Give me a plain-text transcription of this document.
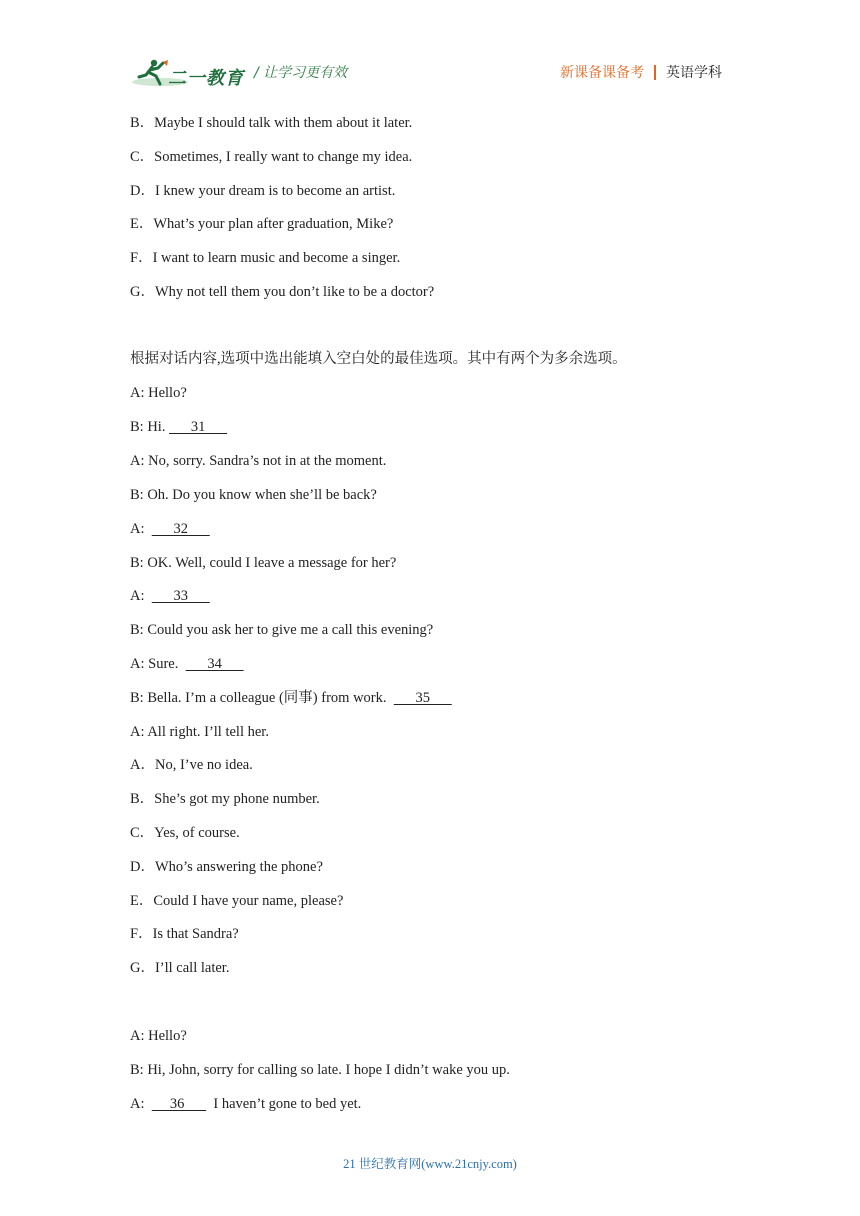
二一教育 / 让学习更有效	新课备课备考 英语学科
B．Maybe I should talk with them about it later.
C．Sometimes, I really want to change my idea.
D．I knew your dream is to become an artist.
E．What’s your plan after graduation, Mike?
F．I want to learn music and become a singer.
G．Why not tell them you don’t like to be a doctor?
根据对话内容,选项中选出能填入空白处的最佳选项。其中有两个为多余选项。
A: Hello?
B: Hi.       31
A: No, sorry. Sandra’s not in at the moment.
B: Oh. Do you know when she’ll be back?
A:        32
B: OK. Well, could I leave a message for her?
A:        33
B: Could you ask her to give me a call this evening?
A: Sure.        34
B: Bella. I’m a colleague (同事) from work.        35
A: All right. I’ll tell her.
A．No, I’ve no idea.
B．She’s got my phone number.
C．Yes, of course.
D．Who’s answering the phone?
E．Could I have your name, please?
F．Is that Sandra?
G．I’ll call later.
A: Hello?
B: Hi, John, sorry for calling so late. I hope I didn’t wake you up.
A:       36        I haven’t gone to bed yet.
21 世纪教育网(www.21cnjy.com)
